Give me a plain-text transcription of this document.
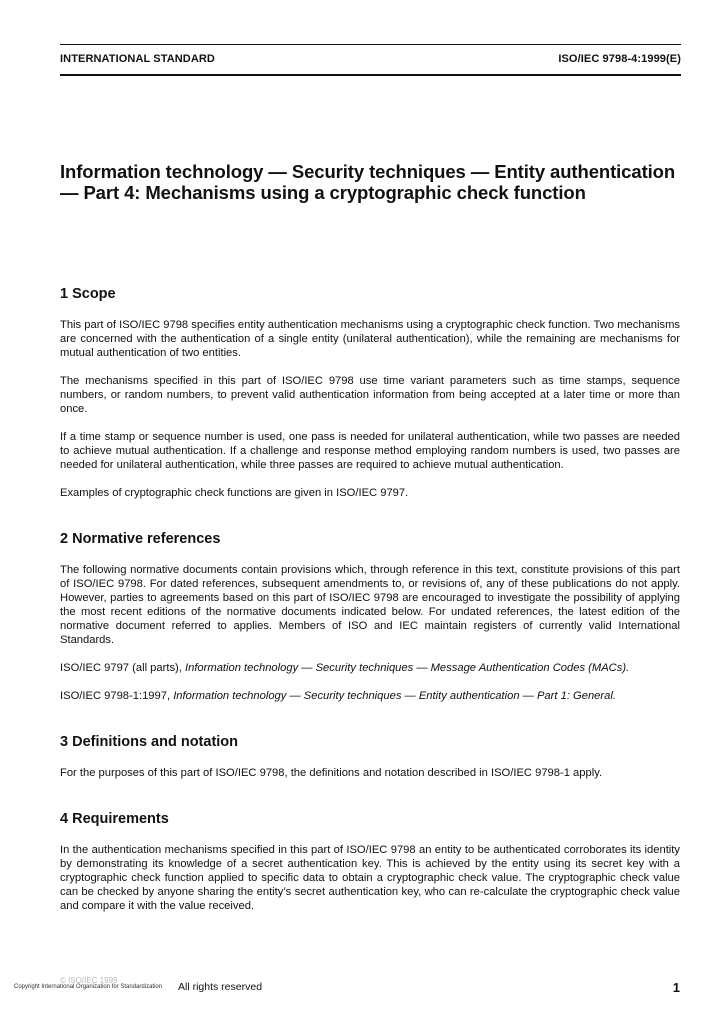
INTERNATIONAL STANDARD	ISO/IEC 9798-4:1999(E)
Information technology — Security techniques — Entity authentication — Part 4: Mechanisms using a cryptographic check function
1 Scope

This part of ISO/IEC 9798 specifies entity authentication mechanisms using a cryptographic check function. Two mechanisms are concerned with the authentication of a single entity (unilateral authentication), while the remaining are mechanisms for mutual authentication of two entities.

The mechanisms specified in this part of ISO/IEC 9798 use time variant parameters such as time stamps, sequence numbers, or random numbers, to prevent valid authentication information from being accepted at a later time or more than once.

If a time stamp or sequence number is used, one pass is needed for unilateral authentication, while two passes are needed to achieve mutual authentication. If a challenge and response method employing random numbers is used, two passes are needed for unilateral authentication, while three passes are required to achieve mutual authentication.

Examples of cryptographic check functions are given in ISO/IEC 9797.

2 Normative references

The following normative documents contain provisions which, through reference in this text, constitute provisions of this part of ISO/IEC 9798. For dated references, subsequent amendments to, or revisions of, any of these publications do not apply. However, parties to agreements based on this part of ISO/IEC 9798 are encouraged to investigate the possibility of applying the most recent editions of the normative documents indicated below. For undated references, the latest edition of the normative document referred to applies. Members of ISO and IEC maintain registers of currently valid International Standards.

ISO/IEC 9797 (all parts), Information technology — Security techniques — Message Authentication Codes (MACs).

ISO/IEC 9798-1:1997, Information technology — Security techniques — Entity authentication — Part 1: General.

3 Definitions and notation

For the purposes of this part of ISO/IEC 9798, the definitions and notation described in ISO/IEC 9798-1 apply.

4 Requirements

In the authentication mechanisms specified in this part of ISO/IEC 9798 an entity to be authenticated corroborates its identity by demonstrating its knowledge of a secret authentication key. This is achieved by the entity using its secret key with a cryptographic check function applied to specific data to obtain a cryptographic check value. The cryptographic check value can be checked by anyone sharing the entity’s secret authentication key, who can re-calculate the cryptographic check value and compare it with the value received.

© ISO/IEC 1999
Copyright International Organization for Standardization All rights reserved	1
